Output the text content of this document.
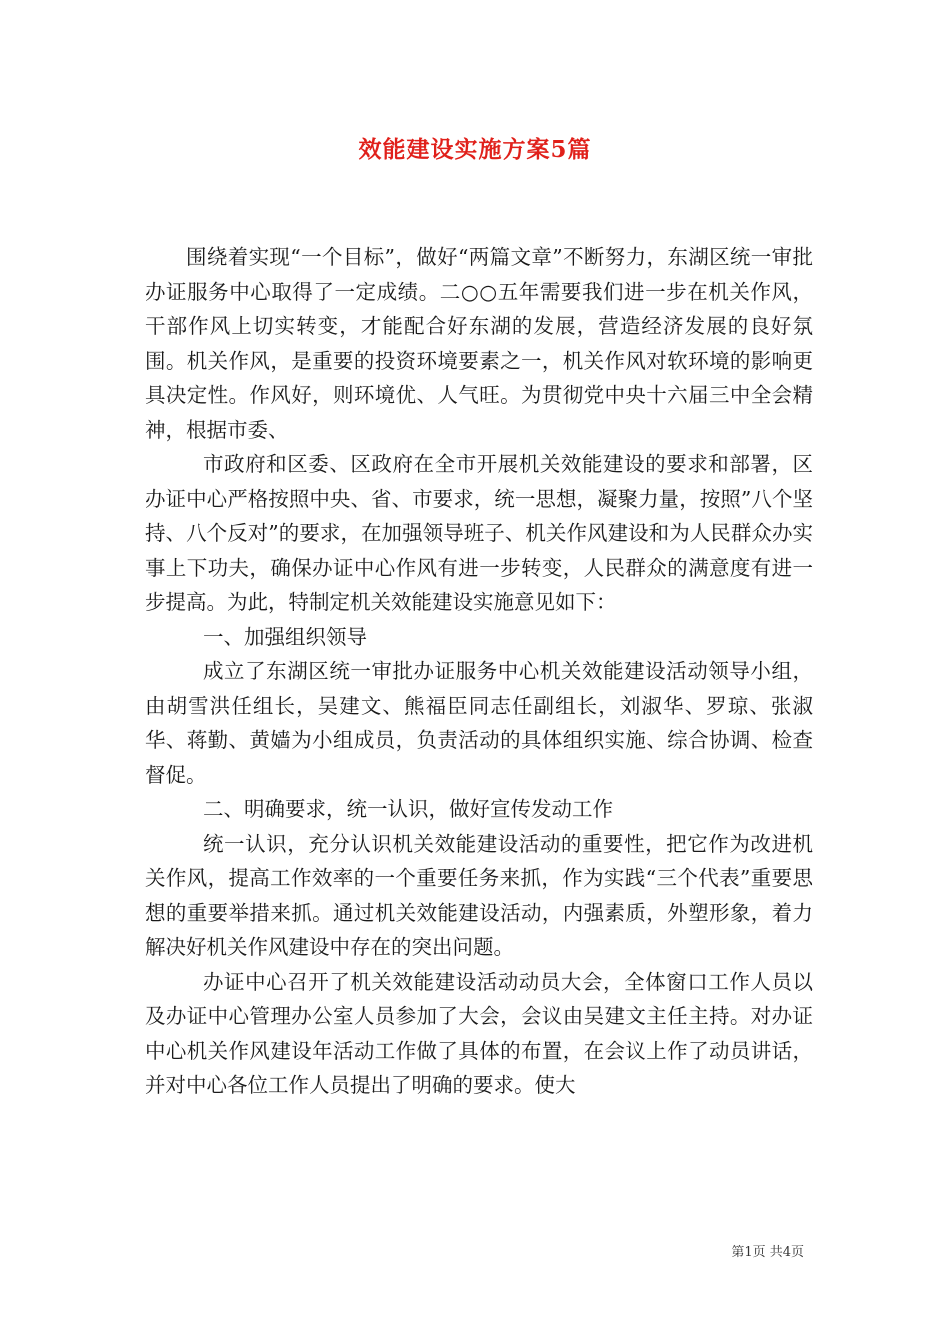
效能建设实施方案5篇

围绕着实现“一个目标”，做好“两篇文章”不断努力，东湖区统一审批办证服务中心取得了一定成绩。二○○五年需要我们进一步在机关作风，干部作风上切实转变，才能配合好东湖的发展，营造经济发展的良好氛围。机关作风，是重要的投资环境要素之一，机关作风对软环境的影响更具决定性。作风好，则环境优、人气旺。为贯彻党中央十六届三中全会精神，根据市委、

市政府和区委、区政府在全市开展机关效能建设的要求和部署，区办证中心严格按照中央、省、市要求，统一思想，凝聚力量，按照”八个坚持、八个反对”的要求，在加强领导班子、机关作风建设和为人民群众办实事上下功夫，确保办证中心作风有进一步转变，人民群众的满意度有进一步提高。为此，特制定机关效能建设实施意见如下：

一、加强组织领导

成立了东湖区统一审批办证服务中心机关效能建设活动领导小组，由胡雪洪任组长，吴建文、熊福臣同志任副组长，刘淑华、罗琼、张淑华、蒋勤、黄嫱为小组成员，负责活动的具体组织实施、综合协调、检查督促。

二、明确要求，统一认识，做好宣传发动工作

统一认识，充分认识机关效能建设活动的重要性，把它作为改进机关作风，提高工作效率的一个重要任务来抓，作为实践“三个代表”重要思想的重要举措来抓。通过机关效能建设活动，内强素质，外塑形象，着力解决好机关作风建设中存在的突出问题。

办证中心召开了机关效能建设活动动员大会，全体窗口工作人员以及办证中心管理办公室人员参加了大会，会议由吴建文主任主持。对办证中心机关作风建设年活动工作做了具体的布置，在会议上作了动员讲话，并对中心各位工作人员提出了明确的要求。使大

第1页 共4页
